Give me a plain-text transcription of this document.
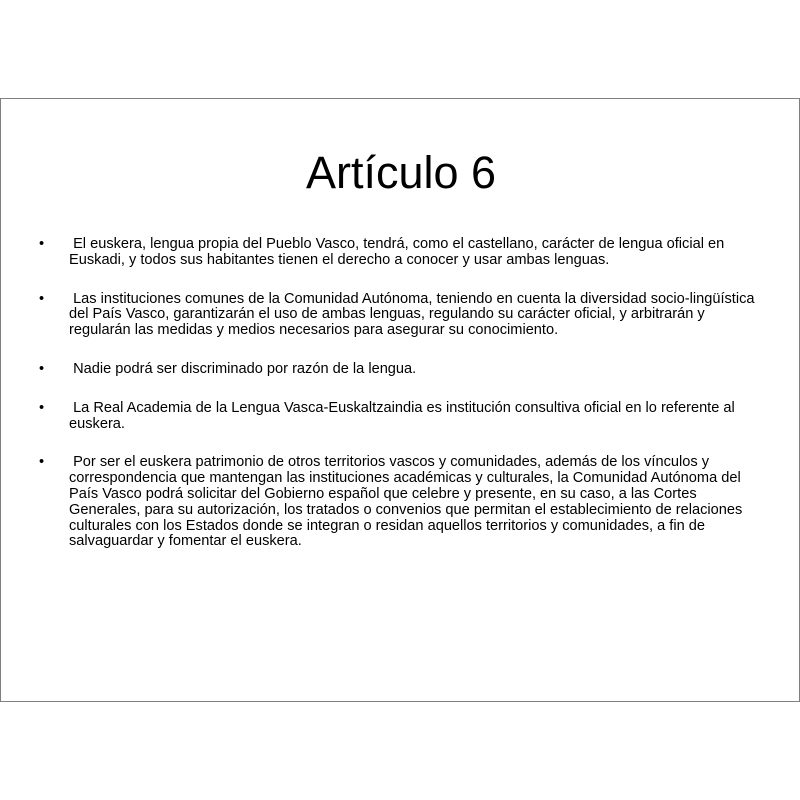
Artículo 6
• El euskera, lengua propia del Pueblo Vasco, tendrá, como el castellano, carácter de lengua oficial en Euskadi, y todos sus habitantes tienen el derecho a conocer y usar ambas lenguas.
• Las instituciones comunes de la Comunidad Autónoma, teniendo en cuenta la diversidad socio-lingüística del País Vasco, garantizarán el uso de ambas lenguas, regulando su carácter oficial, y arbitrarán y regularán las medidas y medios necesarios para asegurar su conocimiento.
• Nadie podrá ser discriminado por razón de la lengua.
• La Real Academia de la Lengua Vasca-Euskaltzaindia es institución consultiva oficial en lo referente al euskera.
• Por ser el euskera patrimonio de otros territorios vascos y comunidades, además de los vínculos y correspondencia que mantengan las instituciones académicas y culturales, la Comunidad Autónoma del País Vasco podrá solicitar del Gobierno español que celebre y presente, en su caso, a las Cortes Generales, para su autorización, los tratados o convenios que permitan el establecimiento de relaciones culturales con los Estados donde se integran o residan aquellos territorios y comunidades, a fin de salvaguardar y fomentar el euskera.
